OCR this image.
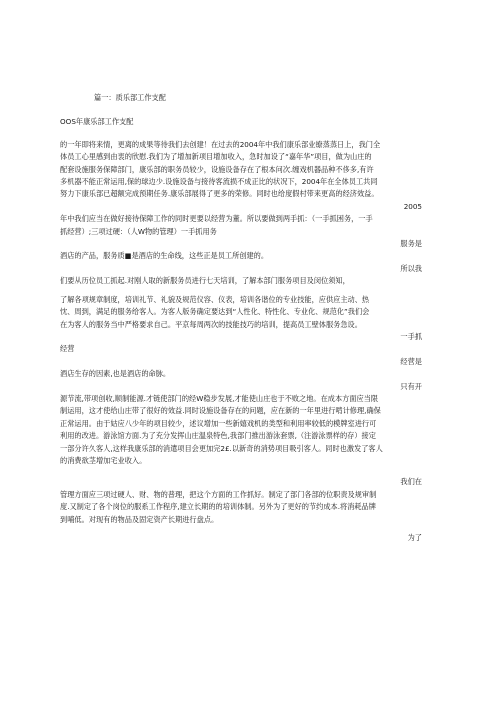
篇一：质乐部工作支配

OOS年康乐部工作支配

的一年即将来情，更离的成果等待我们去创建！在过去的2004年中我们康乐部业缭蒸蒸日上，我门全

体员工心里感到由衷的欣慰.我们为了增加新项目增加收入，急时加设了“嘉年华”项目，做为山庄的

配套设施服务保障部门，康乐部的职务员较少，设施设备存在了根本问次.缠戏机器品种不侈多,有许

多机器不能正常运用,保的球边少.设施设备与接待客流损不成正比的状况下，2004年在全体员工共同

努力下康乐部已超额完成预期任务.康乐部展得了更多的荣修。同时也给度假村带来更高的经济效益。

2005

年中我们应当在做好接待保障工作的同时更要以经营为董。所以要做到两手抓：（一手抓困务，一手

抓经营）;三项过硬：（人W物的管理）一手抓用务

服务是

酒店的产品，服务质■是酒店的生命线，这些正是员工所创建的。

所以我

们要从历位员工抓起.对刚人取的新服务员进行七天培训，了解本部门服务项目及闵位须知，

了解各项规章制度，培训礼节、礼貌及规范仪容、仪表，培训各谐位的专业技能，应供应主动、热

忱、周到，满足的服务给客人。为客人版务确定要达到“人性化、特性化、专业化、规范化”我们会

在为客人的服务当中严格要求自己。平京每周两次的技能技巧的培训，提高员工壁体服务急设。

一手抓

经营

经营是

酒店生存的因素,也是酒店的命脉。

只有开

源节流,带项创收,顺制能源.才链使部门的经W稳步发展,才能使山庄也于不败之地。在成本方面应当限

制运用，这才使给山庄带了很好的效益.同时设施设备存在的问题，应在新的一年里进行啃计修理,确保

正常运用。由于姑应八少年的项目较少，述议增加一些新嬉戏机的类型和利用率较低的模牌室进行可

利用的改进。游泳馆方面.为了充分发挥山庄温泉特色,我部门推出游泳套票,（注游泳票样的存）接定

一部分许久客人,这样我康乐部的消遣项目会更加完2£.以新奇的消势项目吸引客人。同时也激发了客人

的消费欲茎增加宅业收入。

我们在

管理方面应三项过硬人、财、物的普理，把这个方面的工作抓好。制定了部门各部的位职责及规审制

度.又制定了各个岗位的服系工作程序,建立长期的的培训体制。另外为了更好的节约成本.将消耗品牌

到哺低。对现有的物品及固定资产长期进行盘点。

为了
